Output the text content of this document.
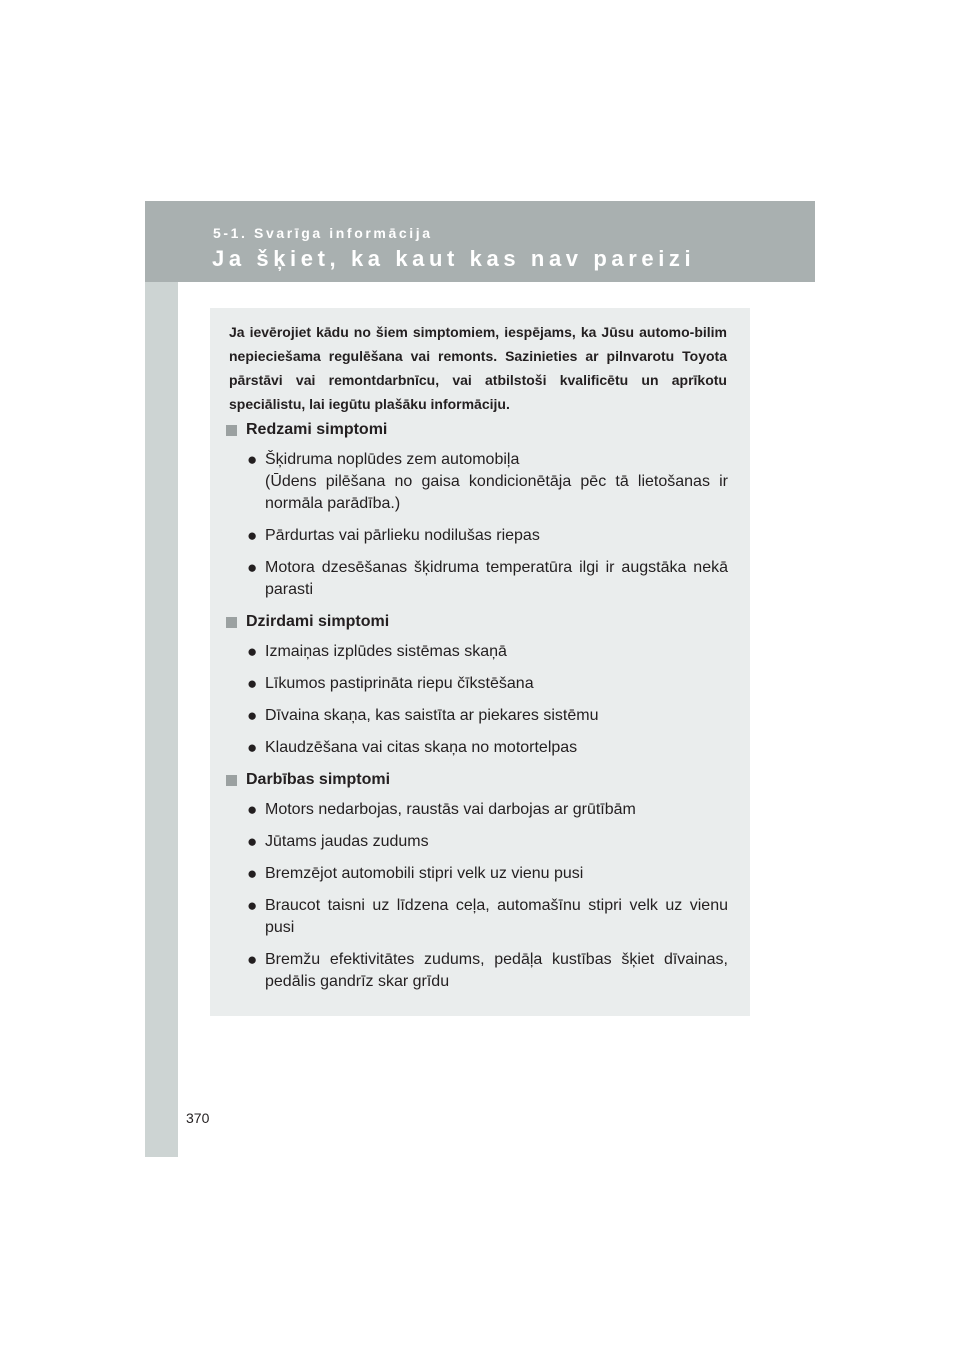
5-1. Svarīga informācija
Ja šķiet, ka kaut kas nav pareizi
370

Ja ievērojiet kādu no šiem simptomiem, iespējams, ka Jūsu automo-bilim nepieciešama regulēšana vai remonts. Sazinieties ar pilnvarotu Toyota pārstāvi vai remontdarbnīcu, vai atbilstoši kvalificētu un aprīkotu speciālistu, lai iegūtu plašāku informāciju.

Redzami simptomi
● Šķidruma noplūdes zem automobiļa
(Ūdens pilēšana no gaisa kondicionētāja pēc tā lietošanas ir normāla parādība.)
● Pārdurtas vai pārlieku nodilušas riepas
● Motora dzesēšanas šķidruma temperatūra ilgi ir augstāka nekā parasti
Dzirdami simptomi
● Izmaiņas izplūdes sistēmas skaņā
● Līkumos pastiprināta riepu čīkstēšana
● Dīvaina skaņa, kas saistīta ar piekares sistēmu
● Klaudzēšana vai citas skaņa no motortelpas
Darbības simptomi
● Motors nedarbojas, raustās vai darbojas ar grūtībām
● Jūtams jaudas zudums
● Bremzējot automobili stipri velk uz vienu pusi
● Braucot taisni uz līdzena ceļa, automašīnu stipri velk uz vienu pusi
● Bremžu efektivitātes zudums, pedāļa kustības šķiet dīvainas, pedālis gandrīz skar grīdu
